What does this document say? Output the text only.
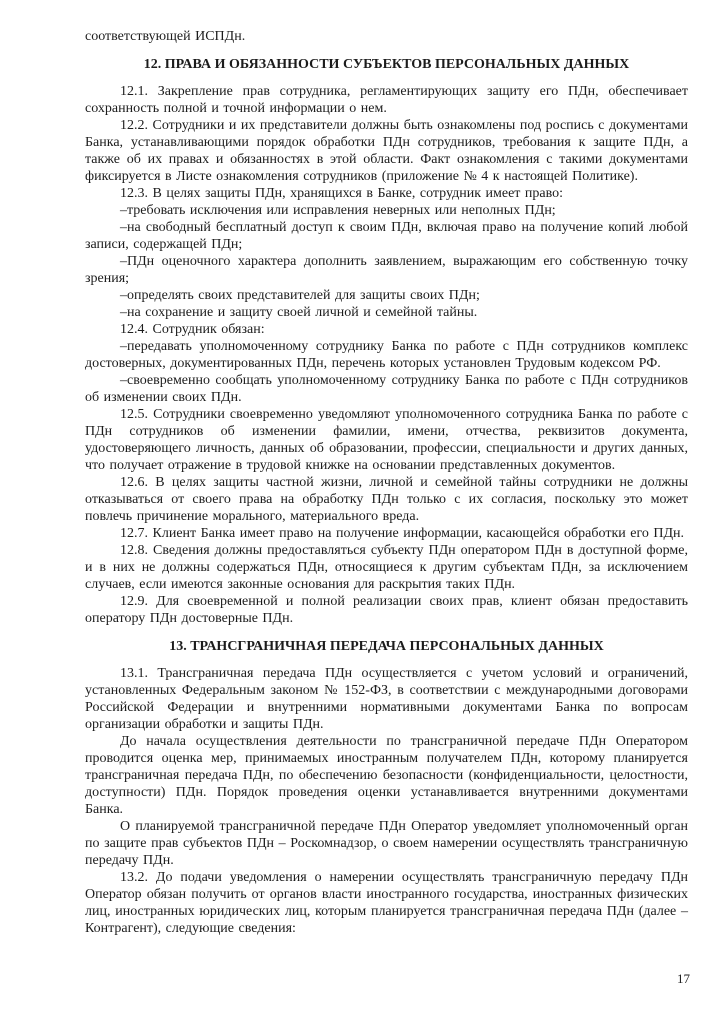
соответствующей ИСПДн.

12. ПРАВА И ОБЯЗАННОСТИ СУБЪЕКТОВ ПЕРСОНАЛЬНЫХ ДАННЫХ

12.1. Закрепление прав сотрудника, регламентирующих защиту его ПДн, обеспечивает сохранность полной и точной информации о нем.

12.2. Сотрудники и их представители должны быть ознакомлены под роспись с документами Банка, устанавливающими порядок обработки ПДн сотрудников, требования к защите ПДн, а также об их правах и обязанностях в этой области. Факт ознакомления с такими документами фиксируется в Листе ознакомления сотрудников (приложение № 4 к настоящей Политике).

12.3. В целях защиты ПДн, хранящихся в Банке, сотрудник имеет право:

–требовать исключения или исправления неверных или неполных ПДн;

–на свободный бесплатный доступ к своим ПДн, включая право на получение копий любой записи, содержащей ПДн;

–ПДн оценочного характера дополнить заявлением, выражающим его собственную точку зрения;

–определять своих представителей для защиты своих ПДн;

–на сохранение и защиту своей личной и семейной тайны.

12.4. Сотрудник обязан:

–передавать уполномоченному сотруднику Банка по работе с ПДн сотрудников комплекс достоверных, документированных ПДн, перечень которых установлен Трудовым кодексом РФ.

–своевременно сообщать уполномоченному сотруднику Банка по работе с ПДн сотрудников об изменении своих ПДн.

12.5. Сотрудники своевременно уведомляют уполномоченного сотрудника Банка по работе с ПДн сотрудников об изменении фамилии, имени, отчества, реквизитов документа, удостоверяющего личность, данных об образовании, профессии, специальности и других данных, что получает отражение в трудовой книжке на основании представленных документов.

12.6. В целях защиты частной жизни, личной и семейной тайны сотрудники не должны отказываться от своего права на обработку ПДн только с их согласия, поскольку это может повлечь причинение морального, материального вреда.

12.7. Клиент Банка имеет право на получение информации, касающейся обработки его ПДн.

12.8. Сведения должны предоставляться субъекту ПДн оператором ПДн в доступной форме, и в них не должны содержаться ПДн, относящиеся к другим субъектам ПДн, за исключением случаев, если имеются законные основания для раскрытия таких ПДн.

12.9. Для своевременной и полной реализации своих прав, клиент обязан предоставить оператору ПДн достоверные ПДн.

13. ТРАНСГРАНИЧНАЯ ПЕРЕДАЧА ПЕРСОНАЛЬНЫХ ДАННЫХ

13.1. Трансграничная передача ПДн осуществляется с учетом условий и ограничений, установленных Федеральным законом № 152-ФЗ, в соответствии с международными договорами Российской Федерации и внутренними нормативными документами Банка по вопросам организации обработки и защиты ПДн.

До начала осуществления деятельности по трансграничной передаче ПДн Оператором проводится оценка мер, принимаемых иностранным получателем ПДн, которому планируется трансграничная передача ПДн, по обеспечению безопасности (конфиденциальности, целостности, доступности) ПДн. Порядок проведения оценки устанавливается внутренними документами Банка.

О планируемой трансграничной передаче ПДн Оператор уведомляет уполномоченный орган по защите прав субъектов ПДн – Роскомнадзор, о своем намерении осуществлять трансграничную передачу ПДн.

13.2. До подачи уведомления о намерении осуществлять трансграничную передачу ПДн Оператор обязан получить от органов власти иностранного государства, иностранных физических лиц, иностранных юридических лиц, которым планируется трансграничная передача ПДн (далее – Контрагент), следующие сведения:

17
